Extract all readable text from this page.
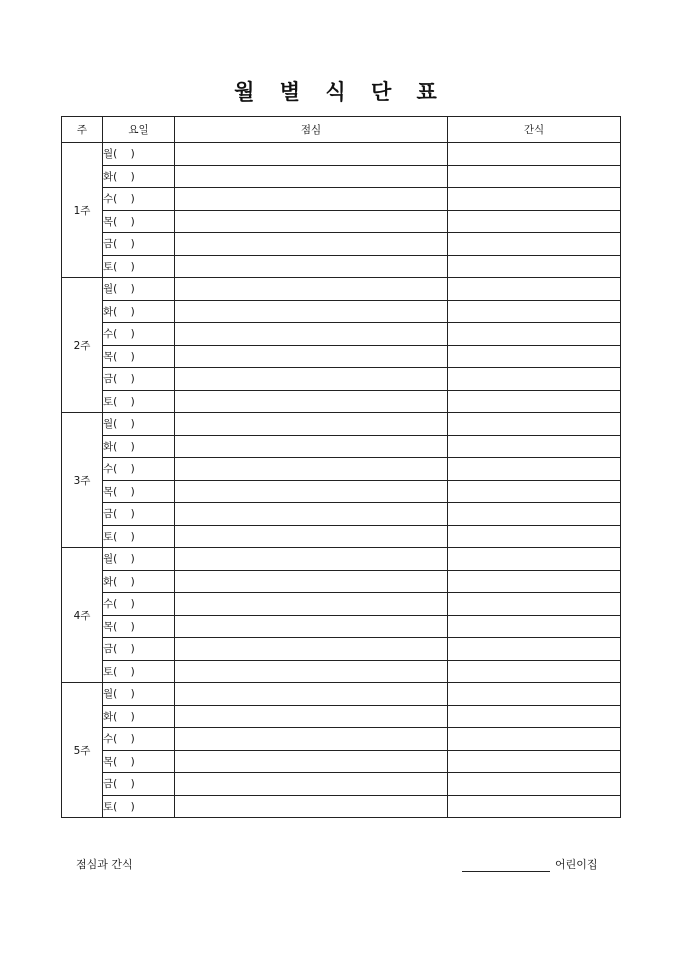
월 별 식 단 표
주	요일	점심	간식
1주	월(    )		
	화(    )		
	수(    )		
	목(    )		
	금(    )		
	토(    )		
2주	월(    )		
	화(    )		
	수(    )		
	목(    )		
	금(    )		
	토(    )		
3주	월(    )		
	화(    )		
	수(    )		
	목(    )		
	금(    )		
	토(    )		
4주	월(    )		
	화(    )		
	수(    )		
	목(    )		
	금(    )		
	토(    )		
5주	월(    )		
	화(    )		
	수(    )		
	목(    )		
	금(    )		
	토(    )		
점심과 간식	어린이집
